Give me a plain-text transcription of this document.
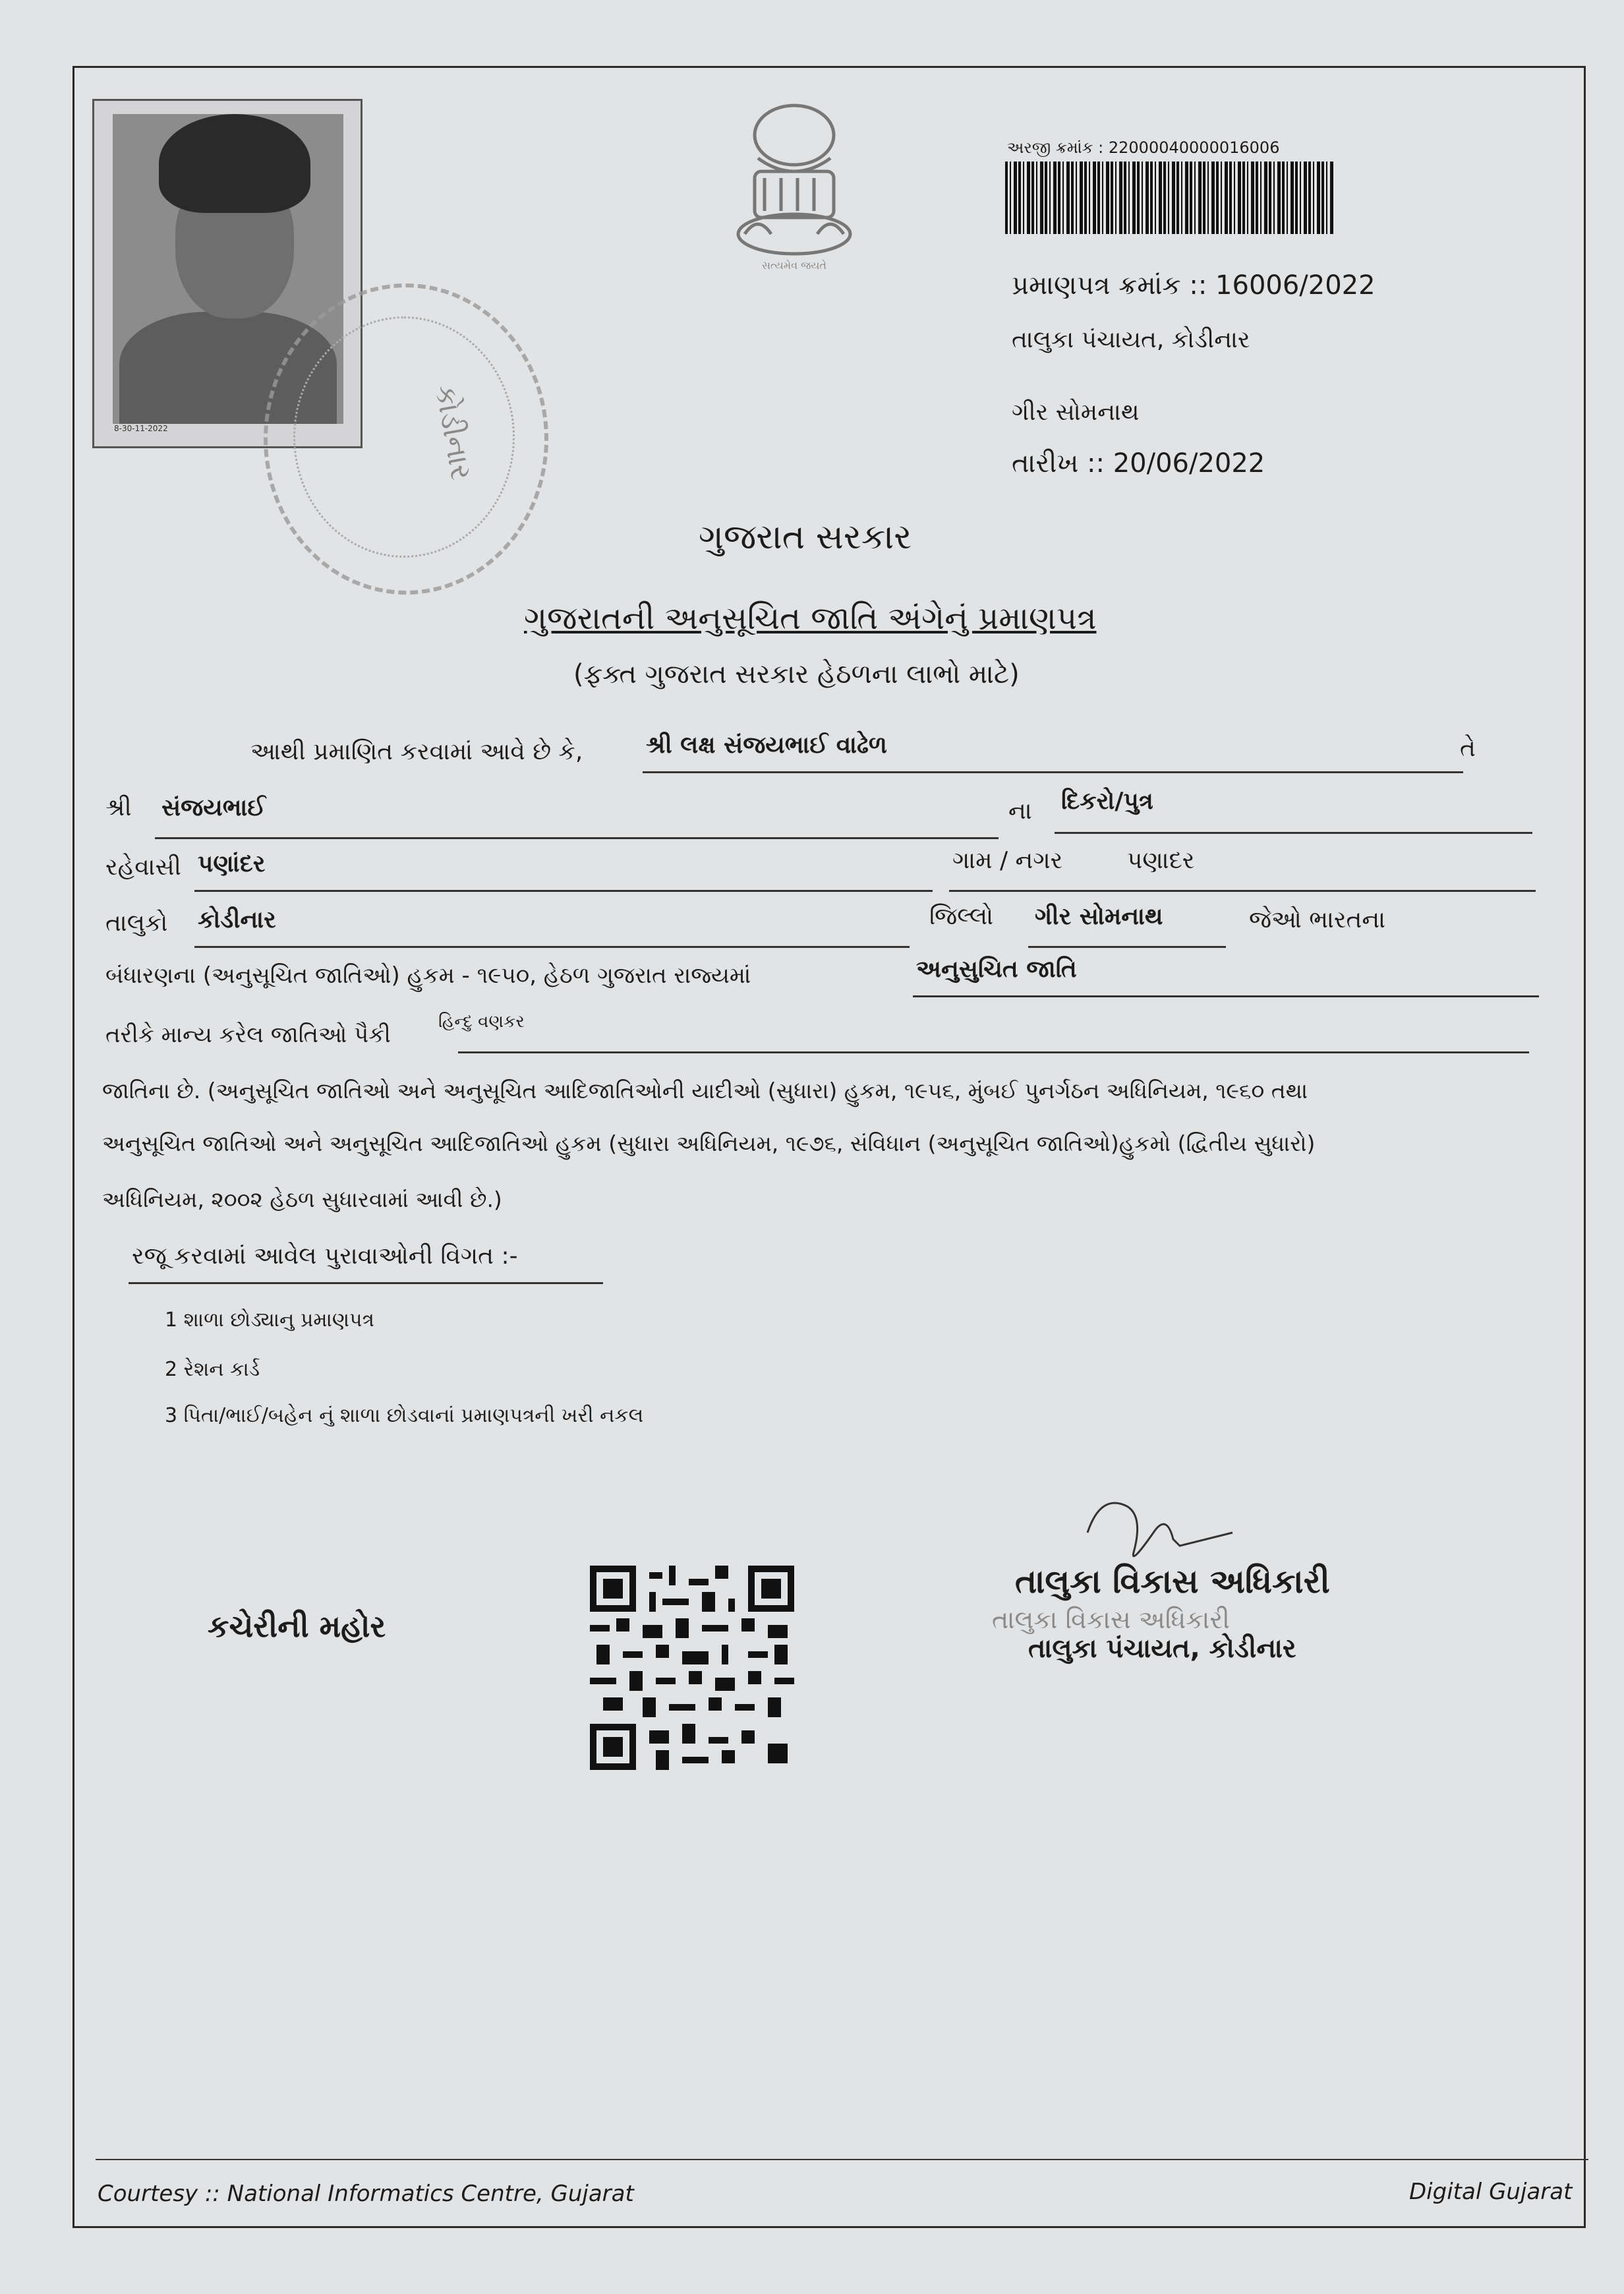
8-30-11-2022	કોડીનાર
સત્યમેવ જયતે
અરજી ક્રમાંક : 22000040000016006
પ્રમાણપત્ર ક્રમાંક :: 16006/2022
તાલુકા પંચાયત, કોડીનાર
ગીર સોમનાથ
તારીખ :: 20/06/2022
ગુજરાત સરકાર
ગુજરાતની અનુસૂચિત જાતિ અંગેનું પ્રમાણપત્ર
(ફક્ત ગુજરાત સરકાર હેઠળના લાભો માટે)
આથી પ્રમાણિત કરવામાં આવે છે કે,	શ્રી લક્ષ સંજયભાઈ વાઢેળ	તે
શ્રી સંજયભાઈ	ના દિકરો/પુત્ર
રહેવાસી પણાંદર	ગામ / નગર	પણાદર
તાલુકો કોડીનાર	જિલ્લો ગીર સોમનાથ	જેઓ ભારતના
બંધારણના (અનુસૂચિત જાતિઓ) હુકમ - ૧૯૫૦, હેઠળ ગુજરાત રાજ્યમાં	અનુસુચિત જાતિ
તરીકે માન્ય કરેલ જાતિઓ પૈકી	હિન્દુ વણકર
જાતિના છે. (અનુસૂચિત જાતિઓ અને અનુસૂચિત આદિજાતિઓની યાદીઓ (સુધારા) હુકમ, ૧૯૫૬, મુંબઈ પુનર્ગઠન અધિનિયમ, ૧૯૬૦ તથા
અનુસૂચિત જાતિઓ અને અનુસૂચિત આદિજાતિઓ હુકમ (સુધારા અધિનિયમ, ૧૯૭૬, સંવિધાન (અનુસૂચિત જાતિઓ)હુકમો (દ્વિતીય સુધારો)
અધિનિયમ, ૨૦૦૨ હેઠળ સુધારવામાં આવી છે.)
રજૂ કરવામાં આવેલ પુરાવાઓની વિગત :-
1 શાળા છોડ્યાનુ પ્રમાણપત્ર
2 રેશન કાર્ડ
3 પિતા/ભાઈ/બહેન નું શાળા છોડવાનાં પ્રમાણપત્રની ખરી નકલ
કચેરીની મહોર
તાલુકા વિકાસ અધિકારી
તાલુકા વિકાસ અધિકારી
તાલુકા પંચાયત, કોડીનાર
Courtesy :: National Informatics Centre, Gujarat	Digital Gujarat
